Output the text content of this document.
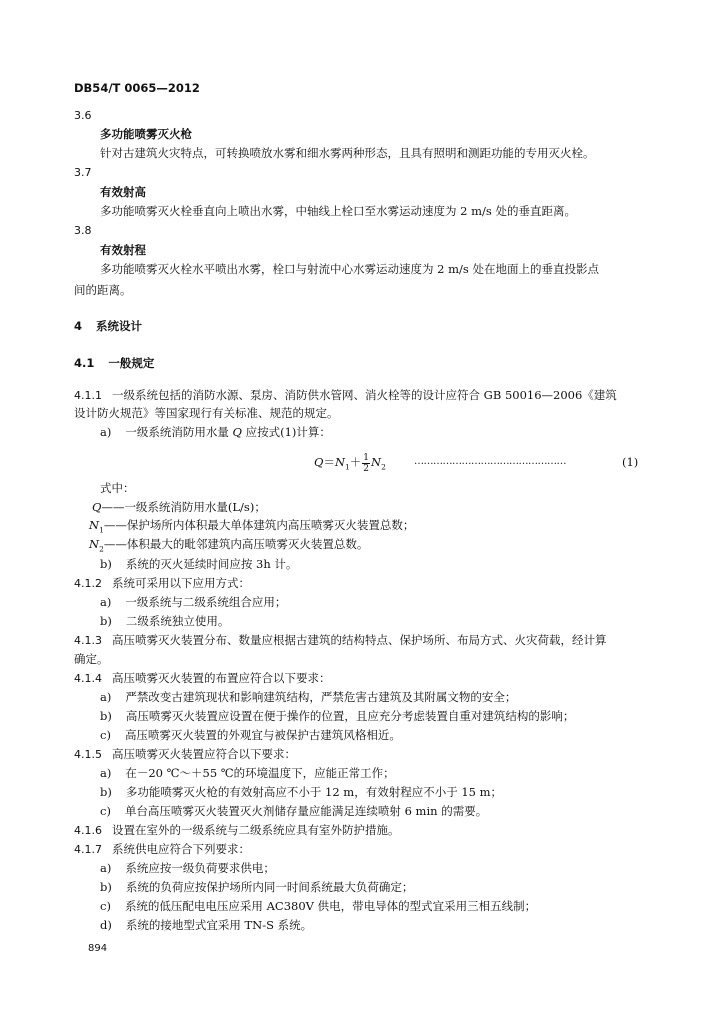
DB54/T 0065—2012
3.6
多功能喷雾灭火枪
针对古建筑火灾特点，可转换喷放水雾和细水雾两种形态，且具有照明和测距功能的专用灭火栓。
3.7
有效射高
多功能喷雾灭火栓垂直向上喷出水雾，中轴线上栓口至水雾运动速度为 2 m/s 处的垂直距离。
3.8
有效射程
多功能喷雾灭火栓水平喷出水雾，栓口与射流中心水雾运动速度为 2 m/s 处在地面上的垂直投影点
间的距离。
4 系统设计
4.1 一般规定
4.1.1 一级系统包括的消防水源、泵房、消防供水管网、消火栓等的设计应符合 GB 50016—2006《建筑
设计防火规范》等国家现行有关标准、规范的规定。
a) 一级系统消防用水量 Q 应按式(1)计算：
$Q=N_1+ \frac{1}{2} N_2$	…………………………………………	(1)
式中：
Q——一级系统消防用水量(L/s)；
$N_1——$保护场所内体积最大单体建筑内高压喷雾灭火装置总数；
$N_2——$体积最大的毗邻建筑内高压喷雾灭火装置总数。
b) 系统的灭火延续时间应按 3h 计。
4.1.2 系统可采用以下应用方式：
a) 一级系统与二级系统组合应用；
b) 二级系统独立使用。
4.1.3 高压喷雾灭火装置分布、数量应根据古建筑的结构特点、保护场所、布局方式、火灾荷载，经计算
确定。
4.1.4 高压喷雾灭火装置的布置应符合以下要求：
a) 严禁改变古建筑现状和影响建筑结构，严禁危害古建筑及其附属文物的安全；
b) 高压喷雾灭火装置应设置在便于操作的位置，且应充分考虑装置自重对建筑结构的影响；
c) 高压喷雾灭火装置的外观宜与被保护古建筑风格相近。
4.1.5 高压喷雾灭火装置应符合以下要求：
a) 在－20 ℃～＋55 ℃的环境温度下，应能正常工作；
b) 多功能喷雾灭火枪的有效射高应不小于 12 m，有效射程应不小于 15 m；
c) 单台高压喷雾灭火装置灭火剂储存量应能满足连续喷射 6 min 的需要。
4.1.6 设置在室外的一级系统与二级系统应具有室外防护措施。
4.1.7 系统供电应符合下列要求：
a) 系统应按一级负荷要求供电；
b) 系统的负荷应按保护场所内同一时间系统最大负荷确定；
c) 系统的低压配电电压应采用 AC380V 供电，带电导体的型式宜采用三相五线制；
d) 系统的接地型式宜采用 TN-S 系统。
894
